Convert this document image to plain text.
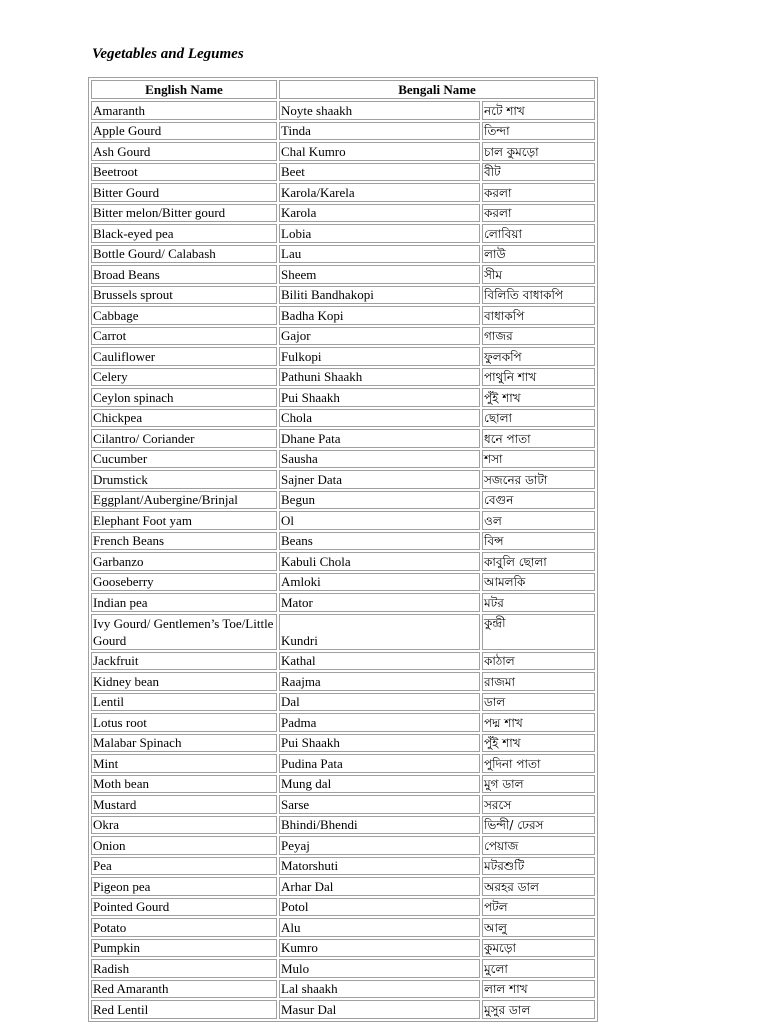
Vegetables and Legumes

English Name	Bengali Name	
Amaranth	Noyte shaakh	নটে শাখ
Apple Gourd	Tinda	তিন্দা
Ash Gourd	Chal Kumro	চাল কুমড়ো
Beetroot	Beet	বীট
Bitter Gourd	Karola/Karela	করলা
Bitter melon/Bitter gourd	Karola	করলা
Black-eyed pea	Lobia	লোবিয়া
Bottle Gourd/ Calabash	Lau	লাউ
Broad Beans	Sheem	সীম
Brussels sprout	Biliti Bandhakopi	বিলিতি বাধাকপি
Cabbage	Badha Kopi	বাধাকপি
Carrot	Gajor	গাজর
Cauliflower	Fulkopi	ফুলকপি
Celery	Pathuni Shaakh	পাথুনি শাখ
Ceylon spinach	Pui Shaakh	পুঁই শাখ
Chickpea	Chola	ছোলা
Cilantro/ Coriander	Dhane Pata	ধনে পাতা
Cucumber	Sausha	শসা
Drumstick	Sajner Data	সজনের ডাটা
Eggplant/Aubergine/Brinjal	Begun	বেগুন
Elephant Foot yam	Ol	ওল
French Beans	Beans	বিন্স
Garbanzo	Kabuli Chola	কাবুলি ছোলা
Gooseberry	Amloki	আমলকি
Indian pea	Mator	মটর
Ivy Gourd/ Gentlemen’s Toe/Little Gourd	Kundri	কুন্দ্রী
Jackfruit	Kathal	কাঠাল
Kidney bean	Raajma	রাজমা
Lentil	Dal	ডাল
Lotus root	Padma	পদ্ম শাখ
Malabar Spinach	Pui Shaakh	পুঁই শাখ
Mint	Pudina Pata	পুদিনা পাতা
Moth bean	Mung dal	মুগ ডাল
Mustard	Sarse	সরসে
Okra	Bhindi/Bhendi	ভিন্দী/ ঢেরস
Onion	Peyaj	পেয়াজ
Pea	Matorshuti	মটরশুটি
Pigeon pea	Arhar Dal	অরহর ডাল
Pointed Gourd	Potol	পটল
Potato	Alu	আলু
Pumpkin	Kumro	কুমড়ো
Radish	Mulo	মুলো
Red Amaranth	Lal shaakh	লাল শাখ
Red Lentil	Masur Dal	মুসুর ডাল
